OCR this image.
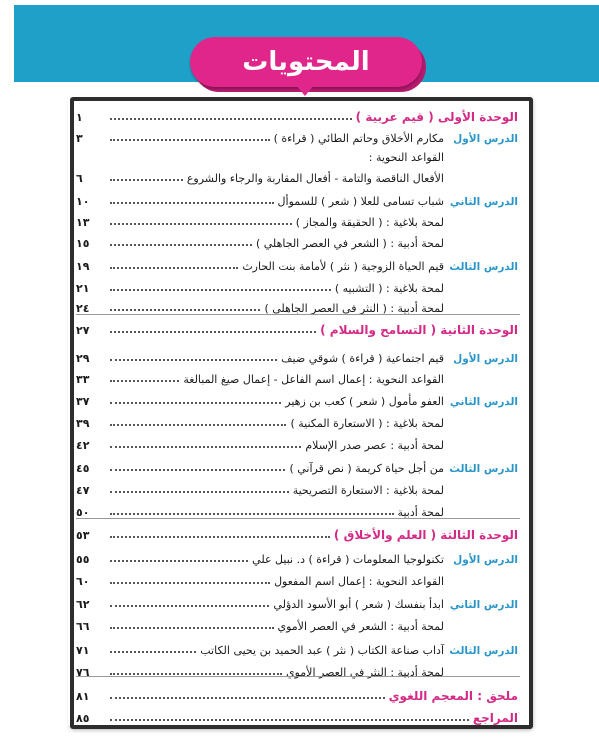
المحتويات
الوحدة الأولى ( قيم عربية )
١
الدرس الأول
مكارم الأخلاق وحاتم الطائي ( قراءة )
٣
القواعد النحوية :
الأفعال الناقصة والتامة - أفعال المقاربة والرجاء والشروع
٦
الدرس الثاني
شباب تسامى للعلا ( شعر ) للسموأل
١٠
لمحة بلاغية : ( الحقيقة والمجاز )
١٣
لمحة أدبية : ( الشعر في العصر الجاهلي )
١٥
الدرس الثالث
قيم الحياة الزوجية ( نثر ) لأمامة بنت الحارث
١٩
لمحة بلاغية : ( التشبيه )
٢١
لمحة أدبية : ( النثر في العصر الجاهلي )
٢٤
الوحدة الثانية ( التسامح والسلام )
٢٧
الدرس الأول
قيم اجتماعية ( قراءة ) شوقي ضيف
٢٩
القواعد النحوية : إعمال اسم الفاعل - إعمال صيغ المبالغة
٣٣
الدرس الثاني
العفو مأمول ( شعر ) كعب بن زهير
٣٧
لمحة بلاغية : ( الاستعارة المكنية )
٣٩
لمحة أدبية : عصر صدر الإسلام
٤٢
الدرس الثالث
من أجل حياة كريمة ( نص قرآني )
٤٥
لمحة بلاغية : الاستعارة التصريحية
٤٧
لمحة أدبية
٥٠
الوحدة الثالثة ( العلم والأخلاق )
٥٣
الدرس الأول
تكنولوجيا المعلومات ( قراءة ) د. نبيل علي
٥٥
القواعد النحوية : إعمال اسم المفعول
٦٠
الدرس الثاني
ابدأ بنفسك ( شعر ) أبو الأسود الدؤلي
٦٢
لمحة أدبية : الشعر في العصر الأموي
٦٦
الدرس الثالث
آداب صناعة الكتاب ( نثر ) عبد الحميد بن يحيى الكاتب
٧١
لمحة أدبية : النثر في العصر الأموي
٧٦
ملحق : المعجم اللغوي
٨١
المراجع
٨٥
